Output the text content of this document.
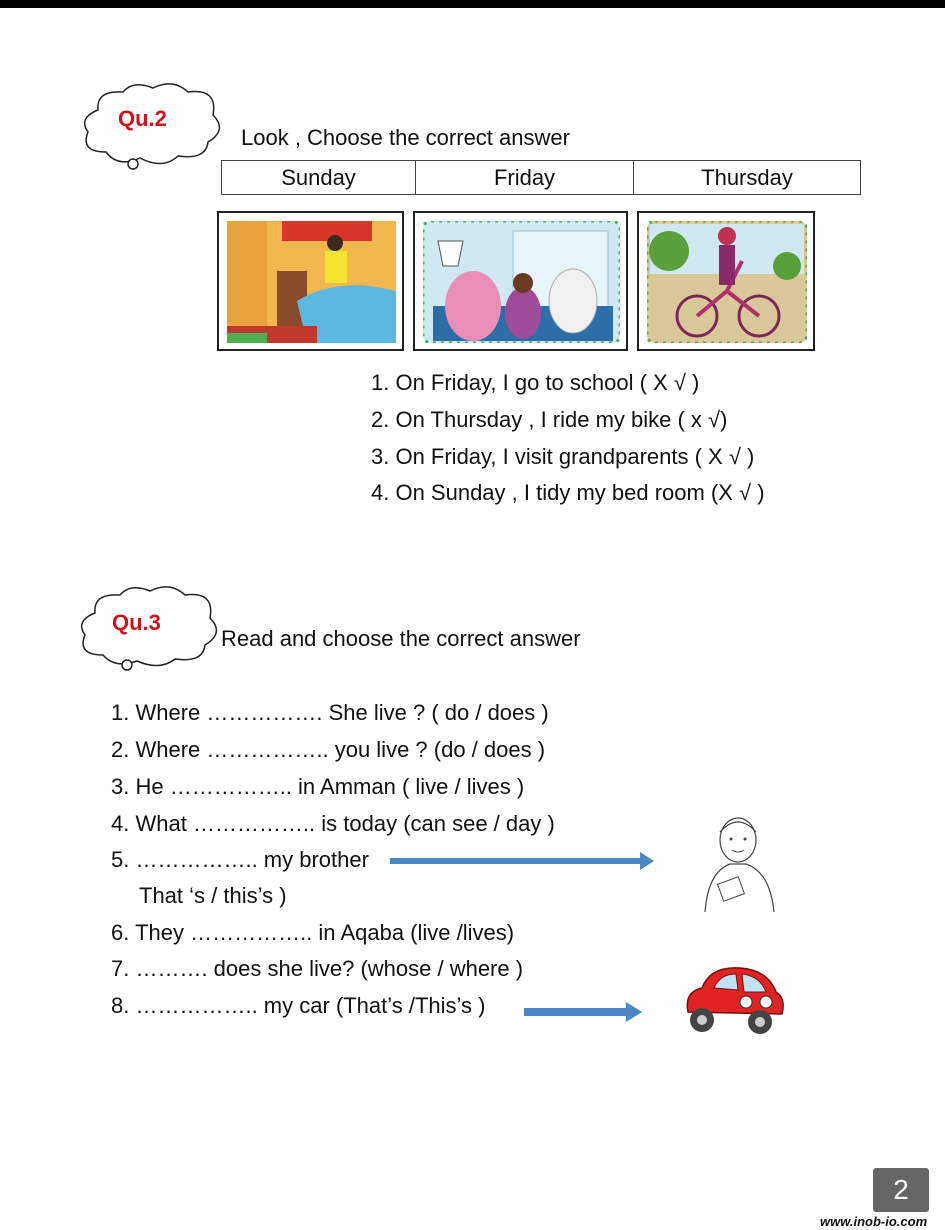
Qu.2
Look , Choose the correct answer
Sunday	Friday	Thursday
1. On Friday, I go to school ( X √ )
2. On Thursday , I ride my bike ( x √)
3. On Friday, I visit grandparents ( X √ )
4. On Sunday , I tidy my bed room (X √ )
Qu.3
Read and choose the correct answer
1. Where ……………. She live ? ( do / does )
2. Where …………….. you live ? (do / does )
3. He …………….. in Amman ( live / lives )
4. What …………….. is today (can see / day )
5. …………….. my brother
That ‘s / this’s )
6. They …………….. in Aqaba (live /lives)
7. ………. does she live? (whose / where )
8. …………….. my car (That’s /This’s )
2
www.inob-io.com
